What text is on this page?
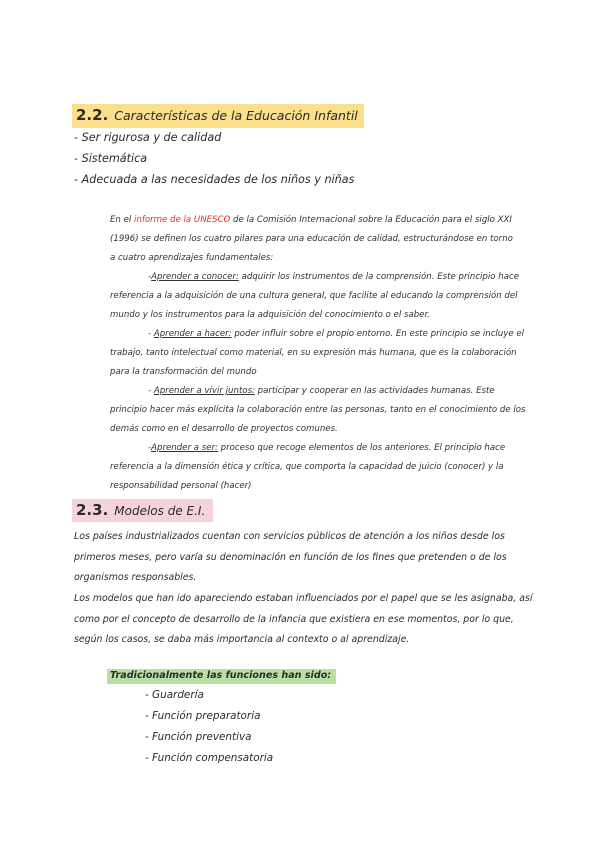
2.2. Características de la Educación Infantil
- Ser rigurosa y de calidad
- Sistemática
- Adecuada a las necesidades de los niños y niñas
En el informe de la UNESCO de la Comisión Internacional sobre la Educación para el siglo XXI (1996) se definen los cuatro pilares para una educación de calidad, estructurándose en torno a cuatro aprendizajes fundamentales:
-Aprender a conocer: adquirir los instrumentos de la comprensión. Este principio hace referencia a la adquisición de una cultura general, que facilite al educando la comprensión del mundo y los instrumentos para la adquisición del conocimiento o el saber.
- Aprender a hacer: poder influir sobre el propio entorno. En este principio se incluye el trabajo, tanto intelectual como material, en su expresión más humana, que es la colaboración para la transformación del mundo
- Aprender a vivir juntos: participar y cooperar en las actividades humanas. Este principio hacer más explícita la colaboración entre las personas, tanto en el conocimiento de los demás como en el desarrollo de proyectos comunes.
-Aprender a ser: proceso que recoge elementos de los anteriores. El principio hace referencia a la dimensión ética y crítica, que comporta la capacidad de juicio (conocer) y la responsabilidad personal (hacer)
2.3. Modelos de E.I.
Los países industrializados cuentan con servicios públicos de atención a los niños desde los primeros meses, pero varía su denominación en función de los fines que pretenden o de los organismos responsables.
Los modelos que han ido apareciendo estaban influenciados por el papel que se les asignaba, así como por el concepto de desarrollo de la infancia que existiera en ese momentos, por lo que, según los casos, se daba más importancia al contexto o al aprendizaje.
Tradicionalmente las funciones han sido:
- Guardería
- Función preparatoria
- Función preventiva
- Función compensatoria
